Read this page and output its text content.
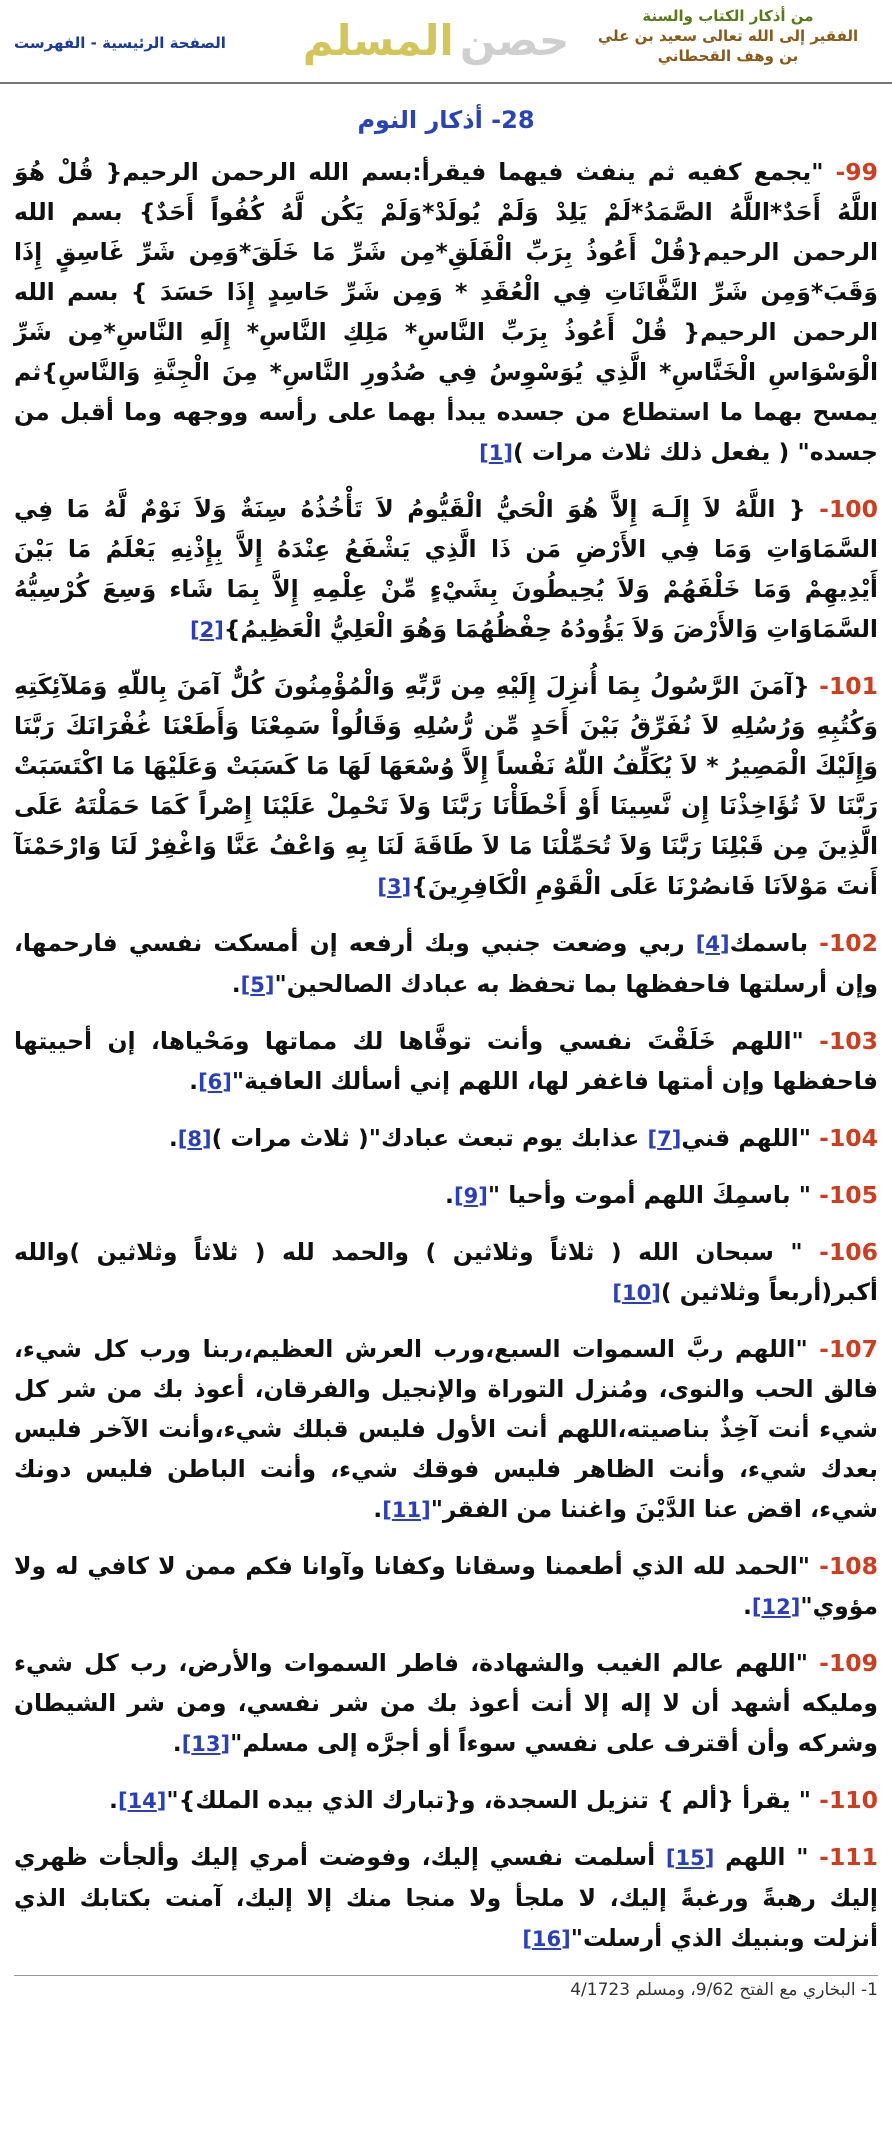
من أذكار الكتاب والسنة
الفقير إلى الله تعالى سعيد بن علي
بن وهف القحطاني
حصن
المسلم
الصفحة الرئيسية - الفهرست
28- أذكار النوم

99- "يجمع كفيه ثم ينفث فيهما فيقرأ:بسم الله الرحمن الرحيم{ قُلْ هُوَ اللَّهُ أَحَدٌ*اللَّهُ الصَّمَدُ*لَمْ يَلِدْ وَلَمْ يُولَدْ*وَلَمْ يَكُن لَّهُ كُفُواً أَحَدٌ} بسم الله الرحمن الرحيم{قُلْ أَعُوذُ بِرَبِّ الْفَلَقِ*مِن شَرِّ مَا خَلَقَ*وَمِن شَرِّ غَاسِقٍ إِذَا وَقَبَ*وَمِن شَرِّ النَّفَّاثَاتِ فِي الْعُقَدِ * وَمِن شَرِّ حَاسِدٍ إِذَا حَسَدَ } بسم الله الرحمن الرحيم{ قُلْ أَعُوذُ بِرَبِّ النَّاسِ* مَلِكِ النَّاسِ* إِلَهِ النَّاسِ*مِن شَرِّ الْوَسْوَاسِ الْخَنَّاسِ* الَّذِي يُوَسْوِسُ فِي صُدُورِ النَّاسِ* مِنَ الْجِنَّةِ وَالنَّاسِ}ثم يمسح بهما ما استطاع من جسده يبدأ بهما على رأسه ووجهه وما أقبل من جسده" ( يفعل ذلك ثلاث مرات )[1]

100- { اللَّهُ لاَ إِلَـهَ إِلاَّ هُوَ الْحَيُّ الْقَيُّومُ لاَ تَأْخُذُهُ سِنَةٌ وَلاَ نَوْمٌ لَّهُ مَا فِي السَّمَاوَاتِ وَمَا فِي الأَرْضِ مَن ذَا الَّذِي يَشْفَعُ عِنْدَهُ إِلاَّ بِإِذْنِهِ يَعْلَمُ مَا بَيْنَ أَيْدِيهِمْ وَمَا خَلْفَهُمْ وَلاَ يُحِيطُونَ بِشَيْءٍ مِّنْ عِلْمِهِ إِلاَّ بِمَا شَاء وَسِعَ كُرْسِيُّهُ السَّمَاوَاتِ وَالأَرْضَ وَلاَ يَؤُودُهُ حِفْظُهُمَا وَهُوَ الْعَلِيُّ الْعَظِيمُ}[2]

101- {آمَنَ الرَّسُولُ بِمَا أُنزِلَ إِلَيْهِ مِن رَّبِّهِ وَالْمُؤْمِنُونَ كُلٌّ آمَنَ بِاللّهِ وَمَلآئِكَتِهِ وَكُتُبِهِ وَرُسُلِهِ لاَ نُفَرِّقُ بَيْنَ أَحَدٍ مِّن رُّسُلِهِ وَقَالُواْ سَمِعْنَا وَأَطَعْنَا غُفْرَانَكَ رَبَّنَا وَإِلَيْكَ الْمَصِيرُ * لاَ يُكَلِّفُ اللّهُ نَفْساً إِلاَّ وُسْعَهَا لَهَا مَا كَسَبَتْ وَعَلَيْهَا مَا اكْتَسَبَتْ رَبَّنَا لاَ تُؤَاخِذْنَا إِن نَّسِينَا أَوْ أَخْطَأْنَا رَبَّنَا وَلاَ تَحْمِلْ عَلَيْنَا إِصْراً كَمَا حَمَلْتَهُ عَلَى الَّذِينَ مِن قَبْلِنَا رَبَّنَا وَلاَ تُحَمِّلْنَا مَا لاَ طَاقَةَ لَنَا بِهِ وَاعْفُ عَنَّا وَاغْفِرْ لَنَا وَارْحَمْنَآ أَنتَ مَوْلاَنَا فَانصُرْنَا عَلَى الْقَوْمِ الْكَافِرِينَ}[3]

102- باسمك[4] ربي وضعت جنبي وبك أرفعه إن أمسكت نفسي فارحمها، وإن أرسلتها فاحفظها بما تحفظ به عبادك الصالحين"[5].

103- "اللهم خَلَقْتَ نفسي وأنت توفَّاها لك مماتها ومَحْياها، إن أحييتها فاحفظها وإن أمتها فاغفر لها، اللهم إني أسألك العافية"[6].

104- "اللهم قني[7] عذابك يوم تبعث عبادك"( ثلاث مرات )[8].

105- " باسمِكَ اللهم أموت وأحيا "[9].

106- " سبحان الله ( ثلاثاً وثلاثين ) والحمد لله ( ثلاثاً وثلاثين )والله أكبر(أربعاً وثلاثين )[10]

107- "اللهم ربَّ السموات السبع،ورب العرش العظيم،ربنا ورب كل شيء، فالق الحب والنوى، ومُنزل التوراة والإنجيل والفرقان، أعوذ بك من شر كل شيء أنت آخِذٌ بناصيته،اللهم أنت الأول فليس قبلك شيء،وأنت الآخر فليس بعدك شيء، وأنت الظاهر فليس فوقك شيء، وأنت الباطن فليس دونك شيء، اقض عنا الدَّيْنَ واغننا من الفقر"[11].

108- "الحمد لله الذي أطعمنا وسقانا وكفانا وآوانا فكم ممن لا كافي له ولا مؤوي"[12].

109- "اللهم عالم الغيب والشهادة، فاطر السموات والأرض، رب كل شيء ومليكه أشهد أن لا إله إلا أنت أعوذ بك من شر نفسي، ومن شر الشيطان وشركه وأن أقترف على نفسي سوءاً أو أجرَّه إلى مسلم"[13].

110- " يقرأ {ألم } تنزيل السجدة، و{تبارك الذي بيده الملك}"[14].

111- " اللهم [15] أسلمت نفسي إليك، وفوضت أمري إليك وألجأت ظهري إليك رهبةً ورغبةً إليك، لا ملجأ ولا منجا منك إلا إليك، آمنت بكتابك الذي أنزلت وبنبيك الذي أرسلت"[16]

1- البخاري مع الفتح 9/62، ومسلم 4/1723
